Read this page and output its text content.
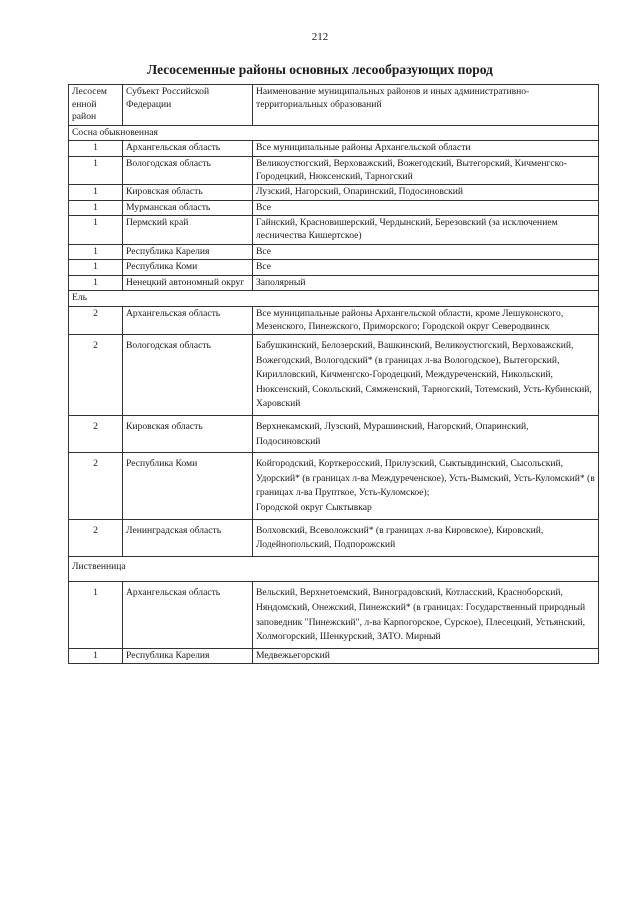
212
Лесосеменные районы основных лесообразующих пород
Лесосем енной район	Субъект Российской Федерации	Наименование муниципальных районов и иных административно-территориальных образований
Сосна обыкновенная		
1	Архангельская область	Все муниципальные районы Архангельской области
1	Вологодская область	Великоустюгский, Верховажский, Вожегодский, Вытегорский, Кичменгско-Городецкий, Нюксенский, Тарногский
1	Кировская область	Лузский, Нагорский, Опаринский, Подосиновский
1	Мурманская область	Все
1	Пермский край	Гайнский, Красновишерский, Чердынский, Березовский (за исключением лесничества Кишертское)
1	Республика Карелия	Все
1	Республика Коми	Все
1	Ненецкий автономный округ	Заполярный
Ель		
2	Архангельская область	Все муниципальные районы Архангельской области, кроме Лешуконского, Мезенского, Пинежского, Приморского; Городской округ Северодвинск
2	Вологодская область	Бабушкинский, Белозерский, Вашкинский, Великоустюгский, Верховажский, Вожегодский, Вологодский* (в границах л-ва Вологодское), Вытегорский, Кирилловский, Кичменгско-Городецкий, Междуреченский, Никольский, Нюксенский, Сокольский, Сямженский, Тарногский, Тотемский, Усть-Кубинский, Харовский
2	Кировская область	Верхнекамский, Лузский, Мурашинский, Нагорский, Опаринский, Подосиновский
2	Республика Коми	Койгородский, Корткеросский, Прилузский, Сыктывдинский, Сысольский, Удорский* (в границах л-ва Междуреченское), Усть-Вымский, Усть-Куломский* (в границах л-ва Прупткое, Усть-Куломское);
Городской округ Сыктывкар

2	Ленинградская область	Волховский, Всеволожский* (в границах л-ва Кировское), Кировский, Лодейнопольский, Подпорожский
Лиственница		
1	Архангельская область	Вельский, Верхнетоемский, Виноградовский, Котласский, Красноборский, Няндомский, Онежский, Пинежский* (в границах: Государственный природный заповедник "Пинежский", л-ва Карпогорское, Сурское), Плесецкий, Устьянский, Холмогорский, Шенкурский, ЗАТО. Мирный
1	Республика Карелия	Медвежьегорский
